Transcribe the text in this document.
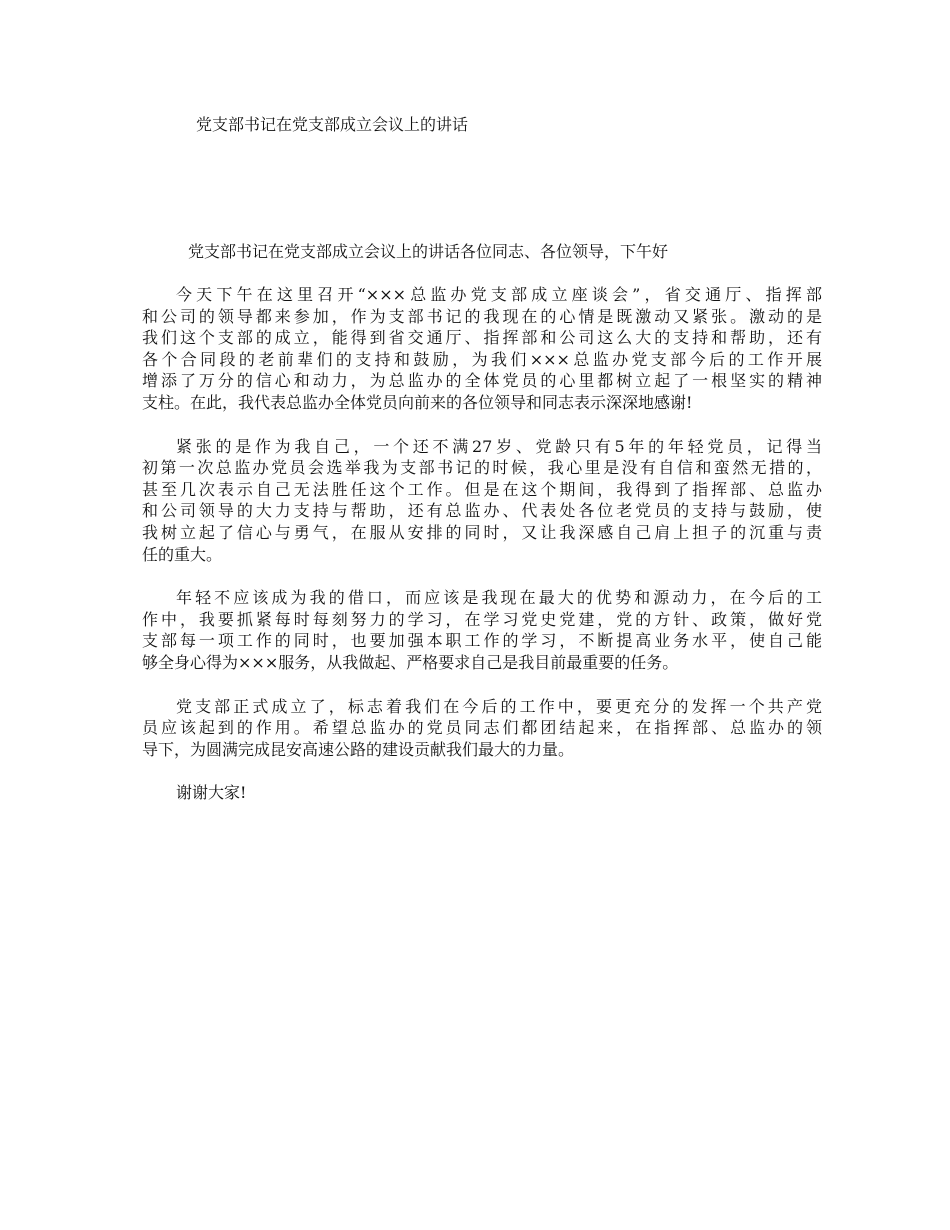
党支部书记在党支部成立会议上的讲话
党支部书记在党支部成立会议上的讲话各位同志、各位领导，下午好
今天下午在这里召开“×××总监办党支部成立座谈会”，省交通厅、指挥部
和公司的领导都来参加，作为支部书记的我现在的心情是既激动又紧张。激动的是
我们这个支部的成立，能得到省交通厅、指挥部和公司这么大的支持和帮助，还有
各个合同段的老前辈们的支持和鼓励，为我们×××总监办党支部今后的工作开展
增添了万分的信心和动力，为总监办的全体党员的心里都树立起了一根坚实的精神
支柱。在此，我代表总监办全体党员向前来的各位领导和同志表示深深地感谢!
紧张的是作为我自己，一个还不满27岁、党龄只有5年的年轻党员，记得当
初第一次总监办党员会选举我为支部书记的时候，我心里是没有自信和蛮然无措的，
甚至几次表示自己无法胜任这个工作。但是在这个期间，我得到了指挥部、总监办
和公司领导的大力支持与帮助，还有总监办、代表处各位老党员的支持与鼓励，使
我树立起了信心与勇气，在服从安排的同时，又让我深感自己肩上担子的沉重与责
任的重大。
年轻不应该成为我的借口，而应该是我现在最大的优势和源动力，在今后的工
作中，我要抓紧每时每刻努力的学习，在学习党史党建，党的方针、政策，做好党
支部每一项工作的同时，也要加强本职工作的学习，不断提高业务水平，使自己能
够全身心得为×××服务，从我做起、严格要求自己是我目前最重要的任务。
党支部正式成立了，标志着我们在今后的工作中，要更充分的发挥一个共产党
员应该起到的作用。希望总监办的党员同志们都团结起来，在指挥部、总监办的领
导下，为圆满完成昆安高速公路的建设贡献我们最大的力量。
谢谢大家!
